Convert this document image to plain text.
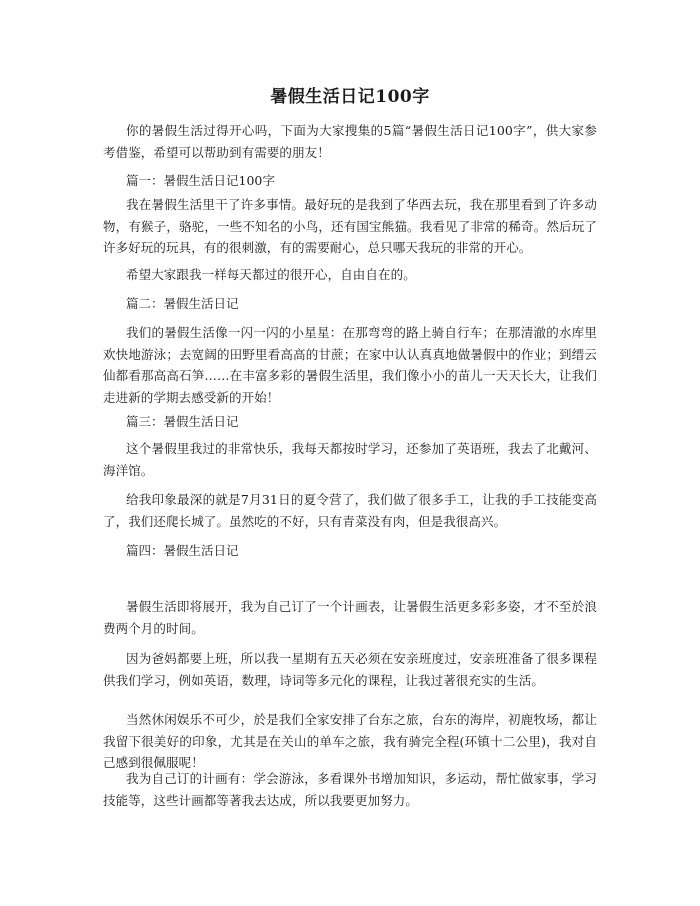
暑假生活日记100字

你的暑假生活过得开心吗，下面为大家搜集的5篇“暑假生活日记100字”，供大家参考借鉴，希望可以帮助到有需要的朋友！

篇一：暑假生活日记100字

我在暑假生活里干了许多事情。最好玩的是我到了华西去玩，我在那里看到了许多动物，有猴子，骆驼，一些不知名的小鸟，还有国宝熊猫。我看见了非常的稀奇。然后玩了许多好玩的玩具，有的很刺激，有的需要耐心，总只哪天我玩的非常的开心。

希望大家跟我一样每天都过的很开心，自由自在的。

篇二：暑假生活日记

我们的暑假生活像一闪一闪的小星星：在那弯弯的路上骑自行车；在那清澈的水库里欢快地游泳；去宽阔的田野里看高高的甘蔗；在家中认认真真地做暑假中的作业；到缙云仙都看那高高石笋……在丰富多彩的暑假生活里，我们像小小的苗儿一天天长大，让我们走进新的学期去感受新的开始！

篇三：暑假生活日记

这个暑假里我过的非常快乐，我每天都按时学习，还参加了英语班，我去了北戴河、海洋馆。

给我印象最深的就是7月31日的夏令营了，我们做了很多手工，让我的手工技能变高了，我们还爬长城了。虽然吃的不好，只有青菜没有肉，但是我很高兴。

篇四：暑假生活日记

暑假生活即将展开，我为自己订了一个计画表，让暑假生活更多彩多姿，才不至於浪费两个月的时间。

因为爸妈都要上班，所以我一星期有五天必须在安亲班度过，安亲班准备了很多课程供我们学习，例如英语，数理，诗词等多元化的课程，让我过著很充实的生活。

当然休闲娱乐不可少，於是我们全家安排了台东之旅，台东的海岸，初鹿牧场，都让我留下很美好的印象，尤其是在关山的单车之旅，我有骑完全程(环镇十二公里)，我对自己感到很佩服呢！

我为自己订的计画有：学会游泳，多看课外书增加知识，多运动，帮忙做家事，学习技能等，这些计画都等著我去达成，所以我要更加努力。
